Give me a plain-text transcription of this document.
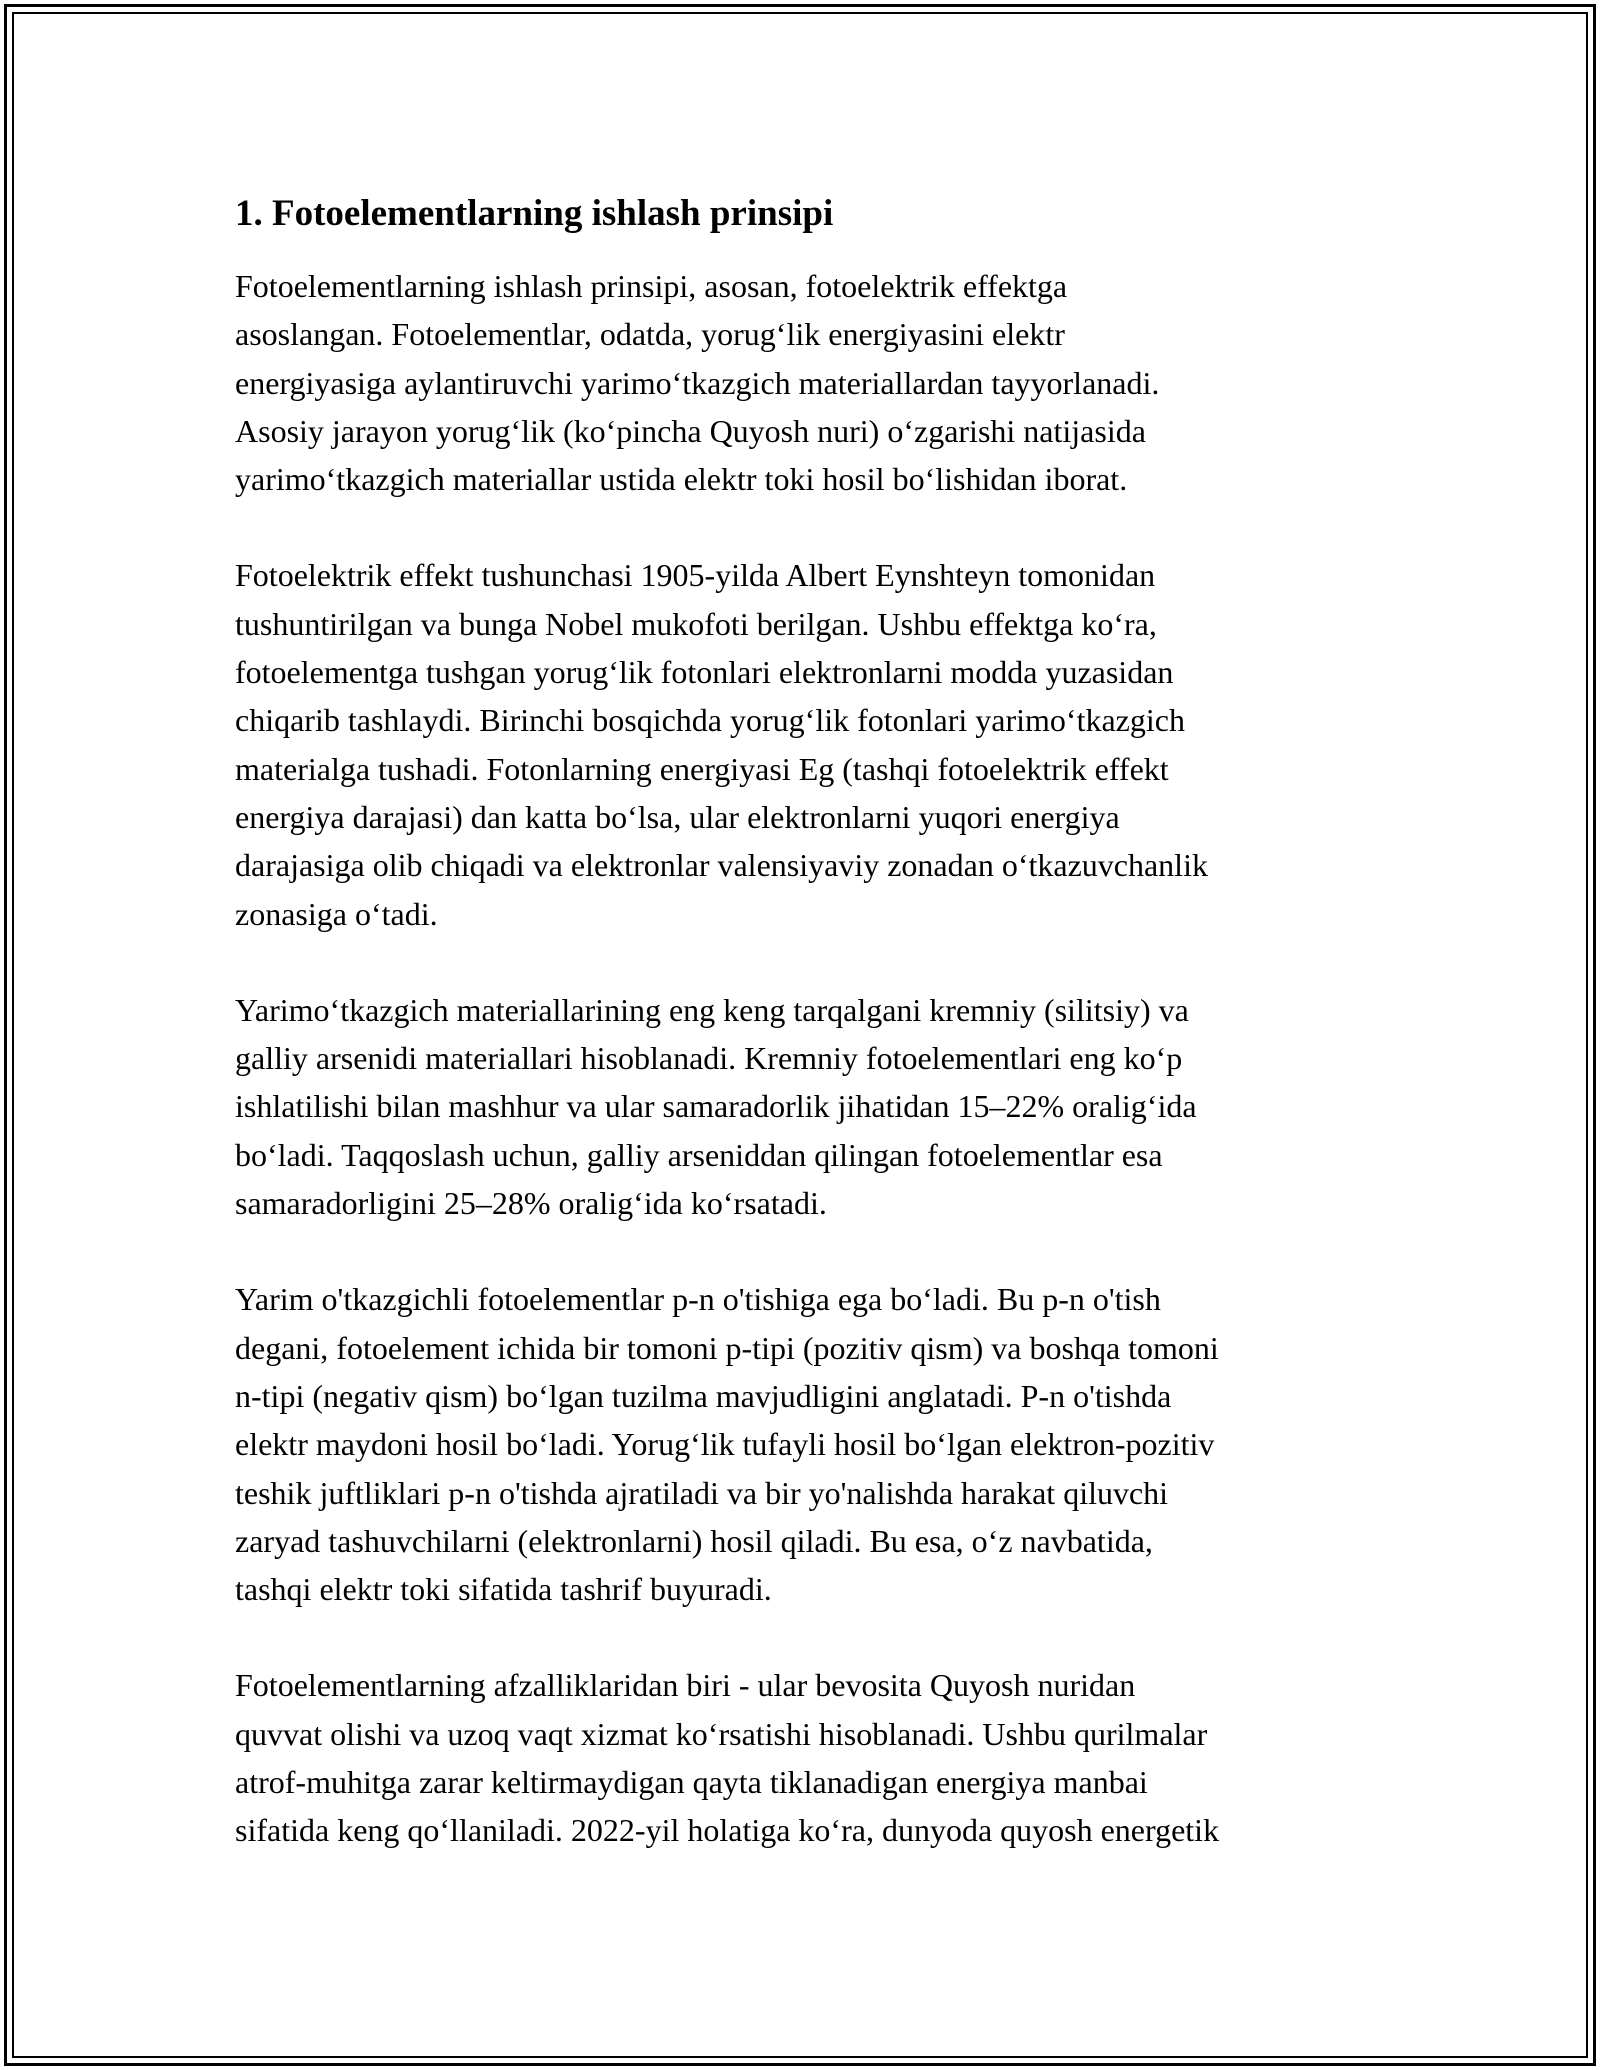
1. Fotoelementlarning ishlash prinsipi

Fotoelementlarning ishlash prinsipi, asosan, fotoelektrik effektga
asoslangan. Fotoelementlar, odatda, yorug‘lik energiyasini elektr
energiyasiga aylantiruvchi yarimo‘tkazgich materiallardan tayyorlanadi.
Asosiy jarayon yorug‘lik (ko‘pincha Quyosh nuri) o‘zgarishi natijasida
yarimo‘tkazgich materiallar ustida elektr toki hosil bo‘lishidan iborat.

Fotoelektrik effekt tushunchasi 1905-yilda Albert Eynshteyn tomonidan
tushuntirilgan va bunga Nobel mukofoti berilgan. Ushbu effektga ko‘ra,
fotoelementga tushgan yorug‘lik fotonlari elektronlarni modda yuzasidan
chiqarib tashlaydi. Birinchi bosqichda yorug‘lik fotonlari yarimo‘tkazgich
materialga tushadi. Fotonlarning energiyasi Eg (tashqi fotoelektrik effekt
energiya darajasi) dan katta bo‘lsa, ular elektronlarni yuqori energiya
darajasiga olib chiqadi va elektronlar valensiyaviy zonadan o‘tkazuvchanlik
zonasiga o‘tadi.

Yarimo‘tkazgich materiallarining eng keng tarqalgani kremniy (silitsiy) va
galliy arsenidi materiallari hisoblanadi. Kremniy fotoelementlari eng ko‘p
ishlatilishi bilan mashhur va ular samaradorlik jihatidan 15–22% oralig‘ida
bo‘ladi. Taqqoslash uchun, galliy arseniddan qilingan fotoelementlar esa
samaradorligini 25–28% oralig‘ida ko‘rsatadi.

Yarim o'tkazgichli fotoelementlar p-n o'tishiga ega bo‘ladi. Bu p-n o'tish
degani, fotoelement ichida bir tomoni p-tipi (pozitiv qism) va boshqa tomoni
n-tipi (negativ qism) bo‘lgan tuzilma mavjudligini anglatadi. P-n o'tishda
elektr maydoni hosil bo‘ladi. Yorug‘lik tufayli hosil bo‘lgan elektron-pozitiv
teshik juftliklari p-n o'tishda ajratiladi va bir yo'nalishda harakat qiluvchi
zaryad tashuvchilarni (elektronlarni) hosil qiladi. Bu esa, o‘z navbatida,
tashqi elektr toki sifatida tashrif buyuradi.

Fotoelementlarning afzalliklaridan biri - ular bevosita Quyosh nuridan
quvvat olishi va uzoq vaqt xizmat ko‘rsatishi hisoblanadi. Ushbu qurilmalar
atrof-muhitga zarar keltirmaydigan qayta tiklanadigan energiya manbai
sifatida keng qo‘llaniladi. 2022-yil holatiga ko‘ra, dunyoda quyosh energetik
